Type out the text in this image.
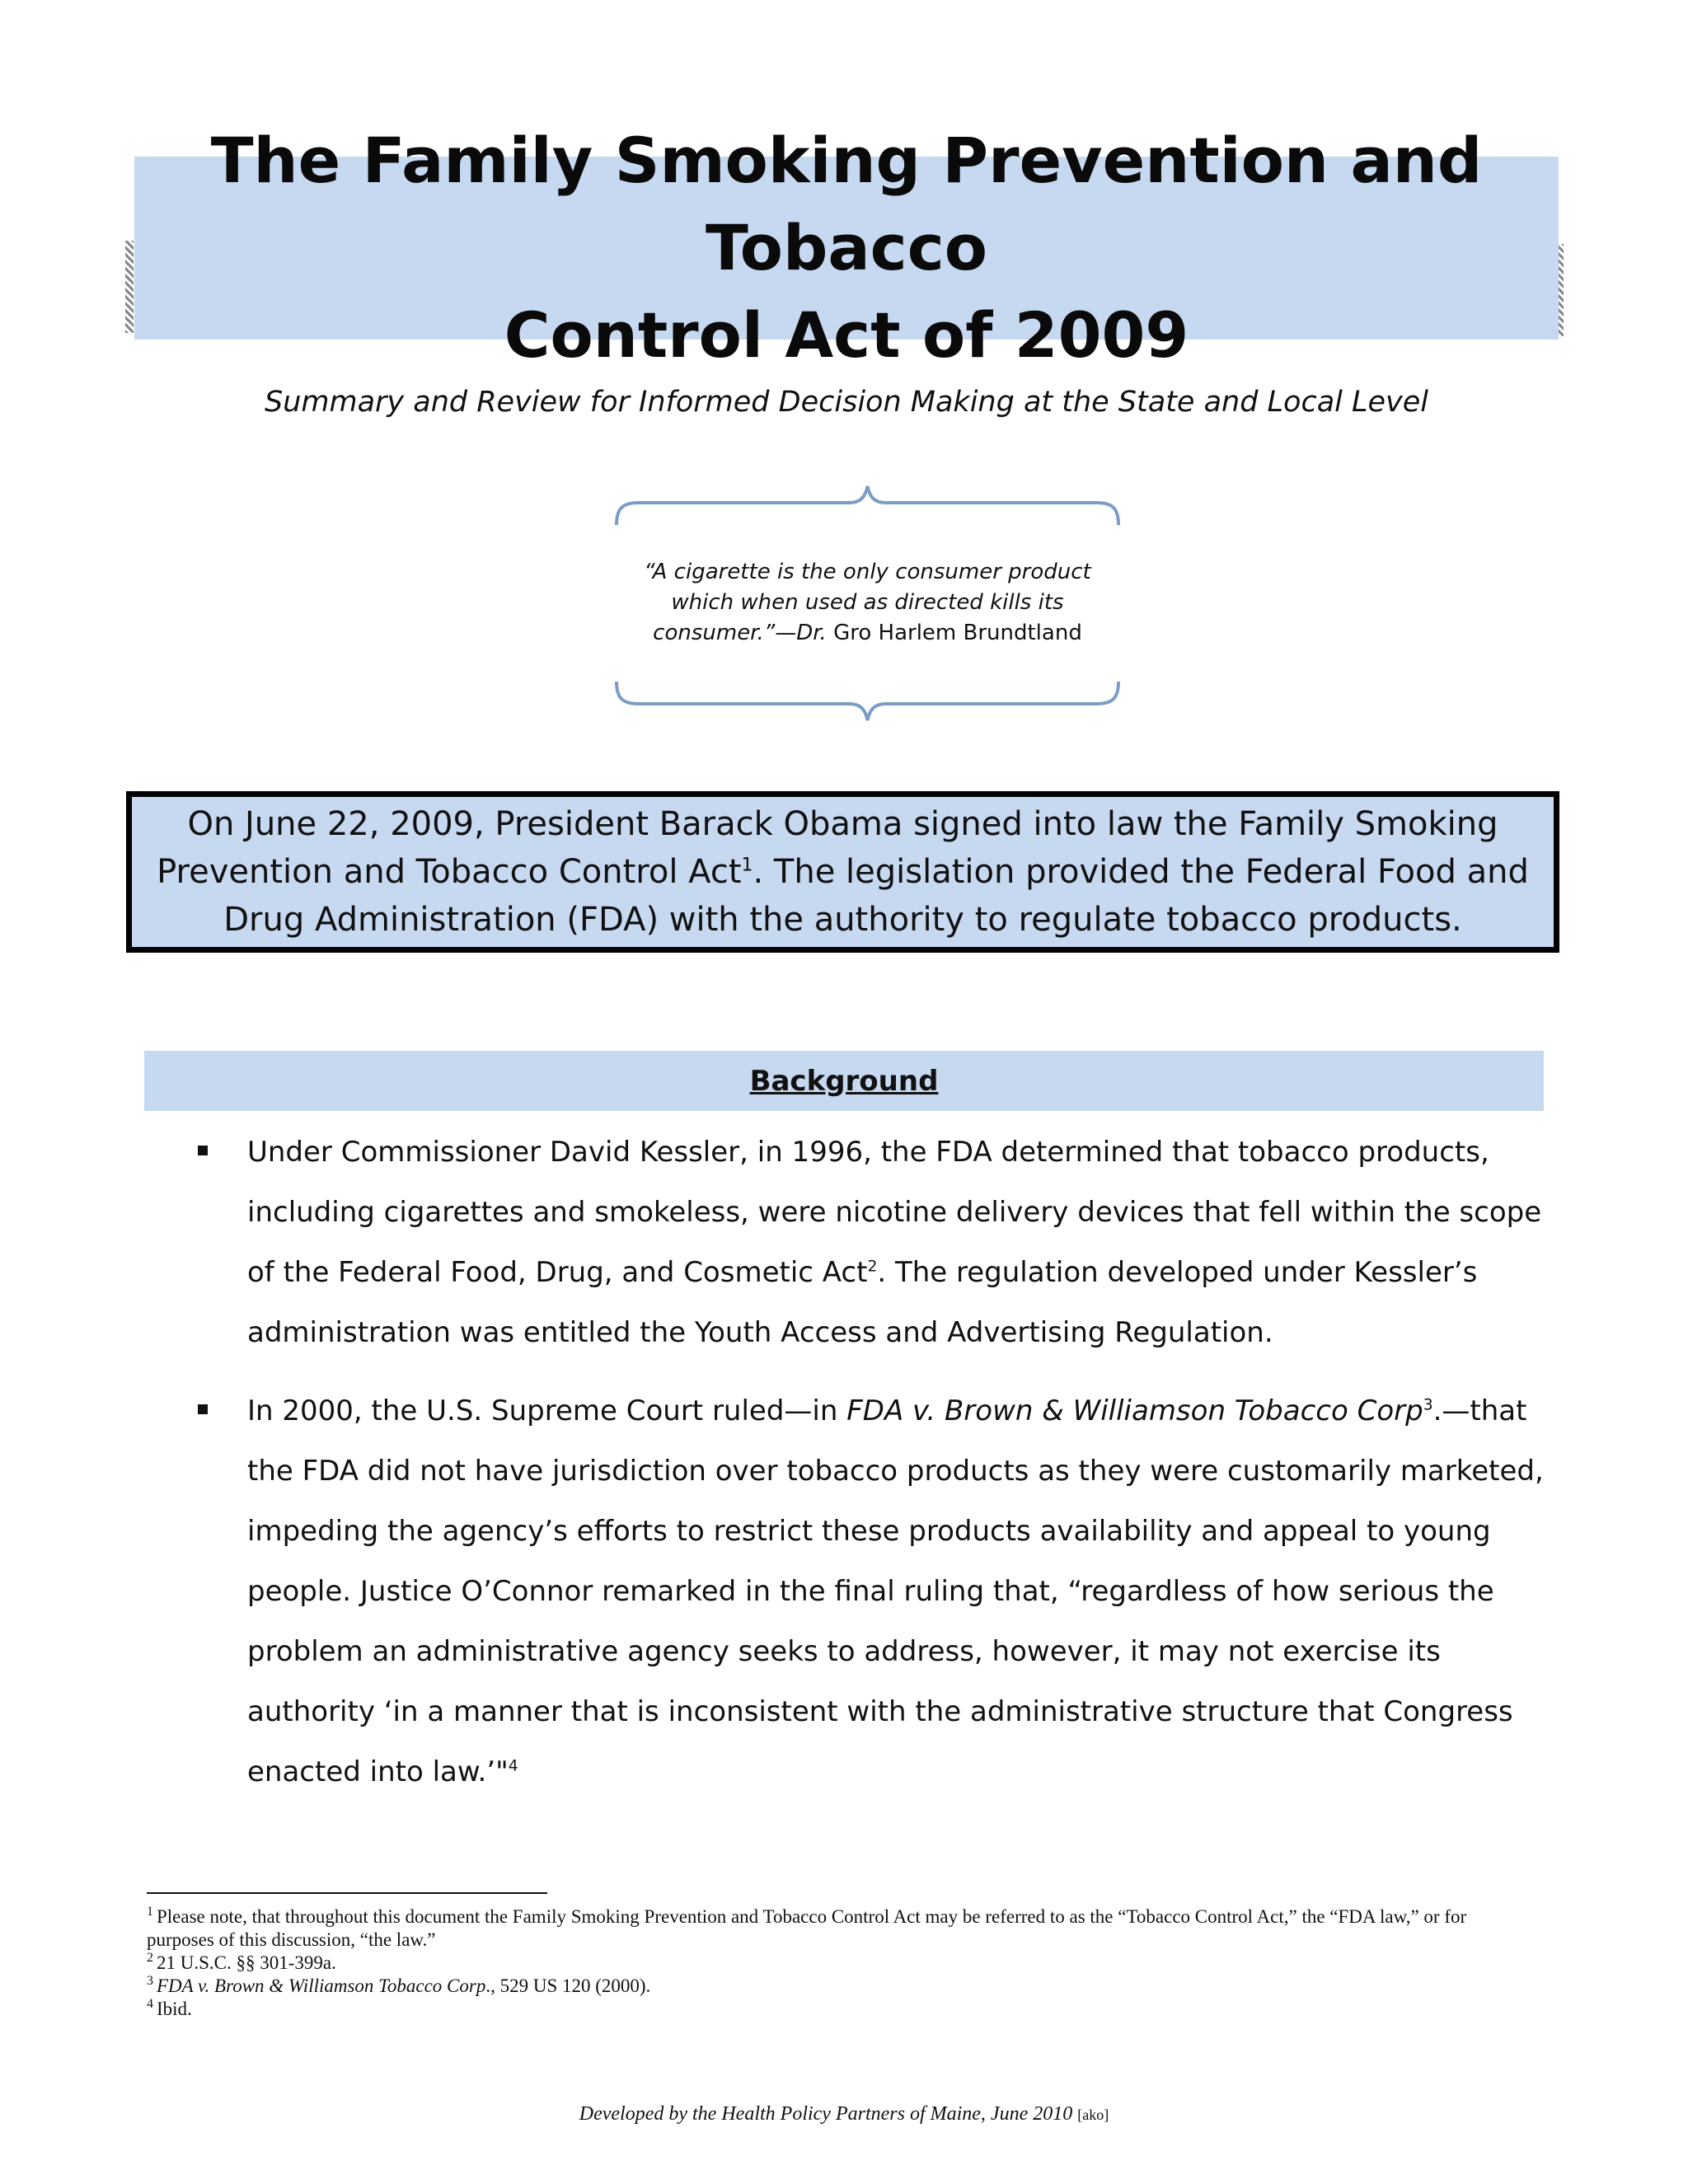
The Family Smoking Prevention and Tobacco
Control Act of 2009

Summary and Review for Informed Decision Making at the State and Local Level

“A cigarette is the only consumer product
which when used as directed kills its
consumer.”—Dr. Gro Harlem Brundtland

On June 22, 2009, President Barack Obama signed into law the Family Smoking Prevention and Tobacco Control Act$^1$. The legislation provided the Federal Food and Drug Administration (FDA) with the authority to regulate tobacco products.

Background
Under Commissioner David Kessler, in 1996, the FDA determined that tobacco products, including cigarettes and smokeless, were nicotine delivery devices that fell within the scope of the Federal Food, Drug, and Cosmetic Act$^2$. The regulation developed under Kessler’s administration was entitled the Youth Access and Advertising Regulation.
In 2000, the U.S. Supreme Court ruled—in FDA v. Brown & Williamson Tobacco Corp$^3$.—that the FDA did not have jurisdiction over tobacco products as they were customarily marketed, impeding the agency’s efforts to restrict these products availability and appeal to young people. Justice O’Connor remarked in the final ruling that, “regardless of how serious the problem an administrative agency seeks to address, however, it may not exercise its authority ‘in a manner that is inconsistent with the administrative structure that Congress enacted into law.’"$^4$
$^1$ Please note, that throughout this document the Family Smoking Prevention and Tobacco Control Act may be referred to as the “Tobacco Control Act,” the “FDA law,” or for purposes of this discussion, “the law.”
$^2$ 21 U.S.C. §§ 301-399a.
$^3$ FDA v. Brown & Williamson Tobacco Corp., 529 US 120 (2000).
$^4$ Ibid.

Developed by the Health Policy Partners of Maine, June 2010 [ako]
